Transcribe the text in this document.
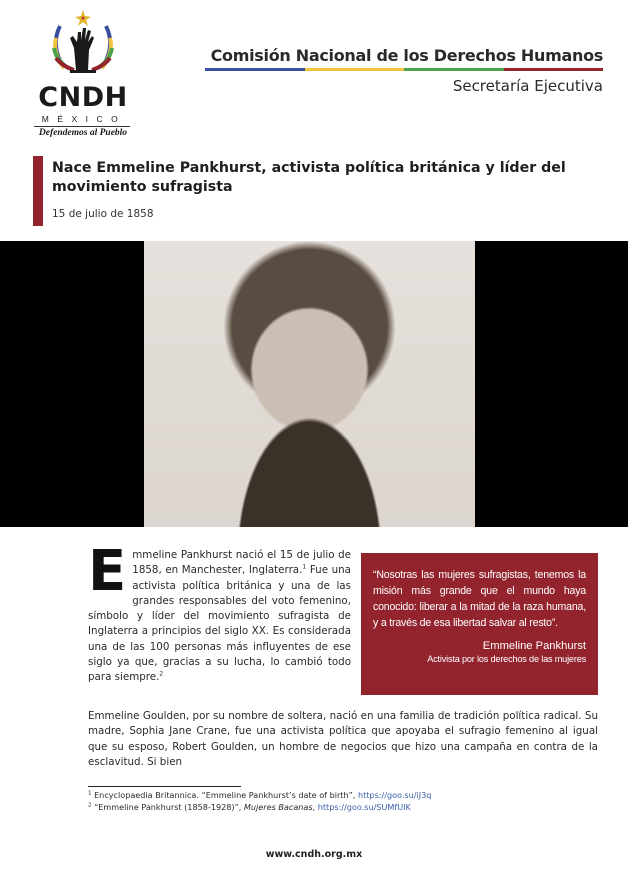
CNDH
MÉXICO
Defendemos al Pueblo
Comisión Nacional de los Derechos Humanos
Secretaría Ejecutiva
Nace Emmeline Pankhurst, activista política británica y líder del movimiento sufragista
15 de julio de 1858
Emmeline Pankhurst nació el 15 de julio de 1858, en Manchester, Inglaterra.$^1$ Fue una activista política británica y una de las grandes responsables del voto femenino, símbolo y líder del movimiento sufragista de Inglaterra a principios del siglo XX. Es considerada una de las 100 personas más influyentes de ese siglo ya que, gracias a su lucha, lo cambió todo para siempre.$^2$
“Nosotras las mujeres sufragistas, tenemos la misión más grande que el mundo haya conocido: liberar a la mitad de la raza humana, y a través de esa libertad salvar al resto”.
Emmeline Pankhurst
Activista por los derechos de las mujeres
Emmeline Goulden, por su nombre de soltera, nació en una familia de tradición política radical. Su madre, Sophia Jane Crane, fue una activista política que apoyaba el sufragio femenino al igual que su esposo, Robert Goulden, un hombre de negocios que hizo una campaña en contra de la esclavitud. Si bien
$^1$ Encyclopaedia Britannica. “Emmeline Pankhurst’s date of birth”, https://goo.su/iJ3q
$^2$ “Emmeline Pankhurst (1858-1928)”, Mujeres Bacanas, https://goo.su/SUMfUIK
www.cndh.org.mx
